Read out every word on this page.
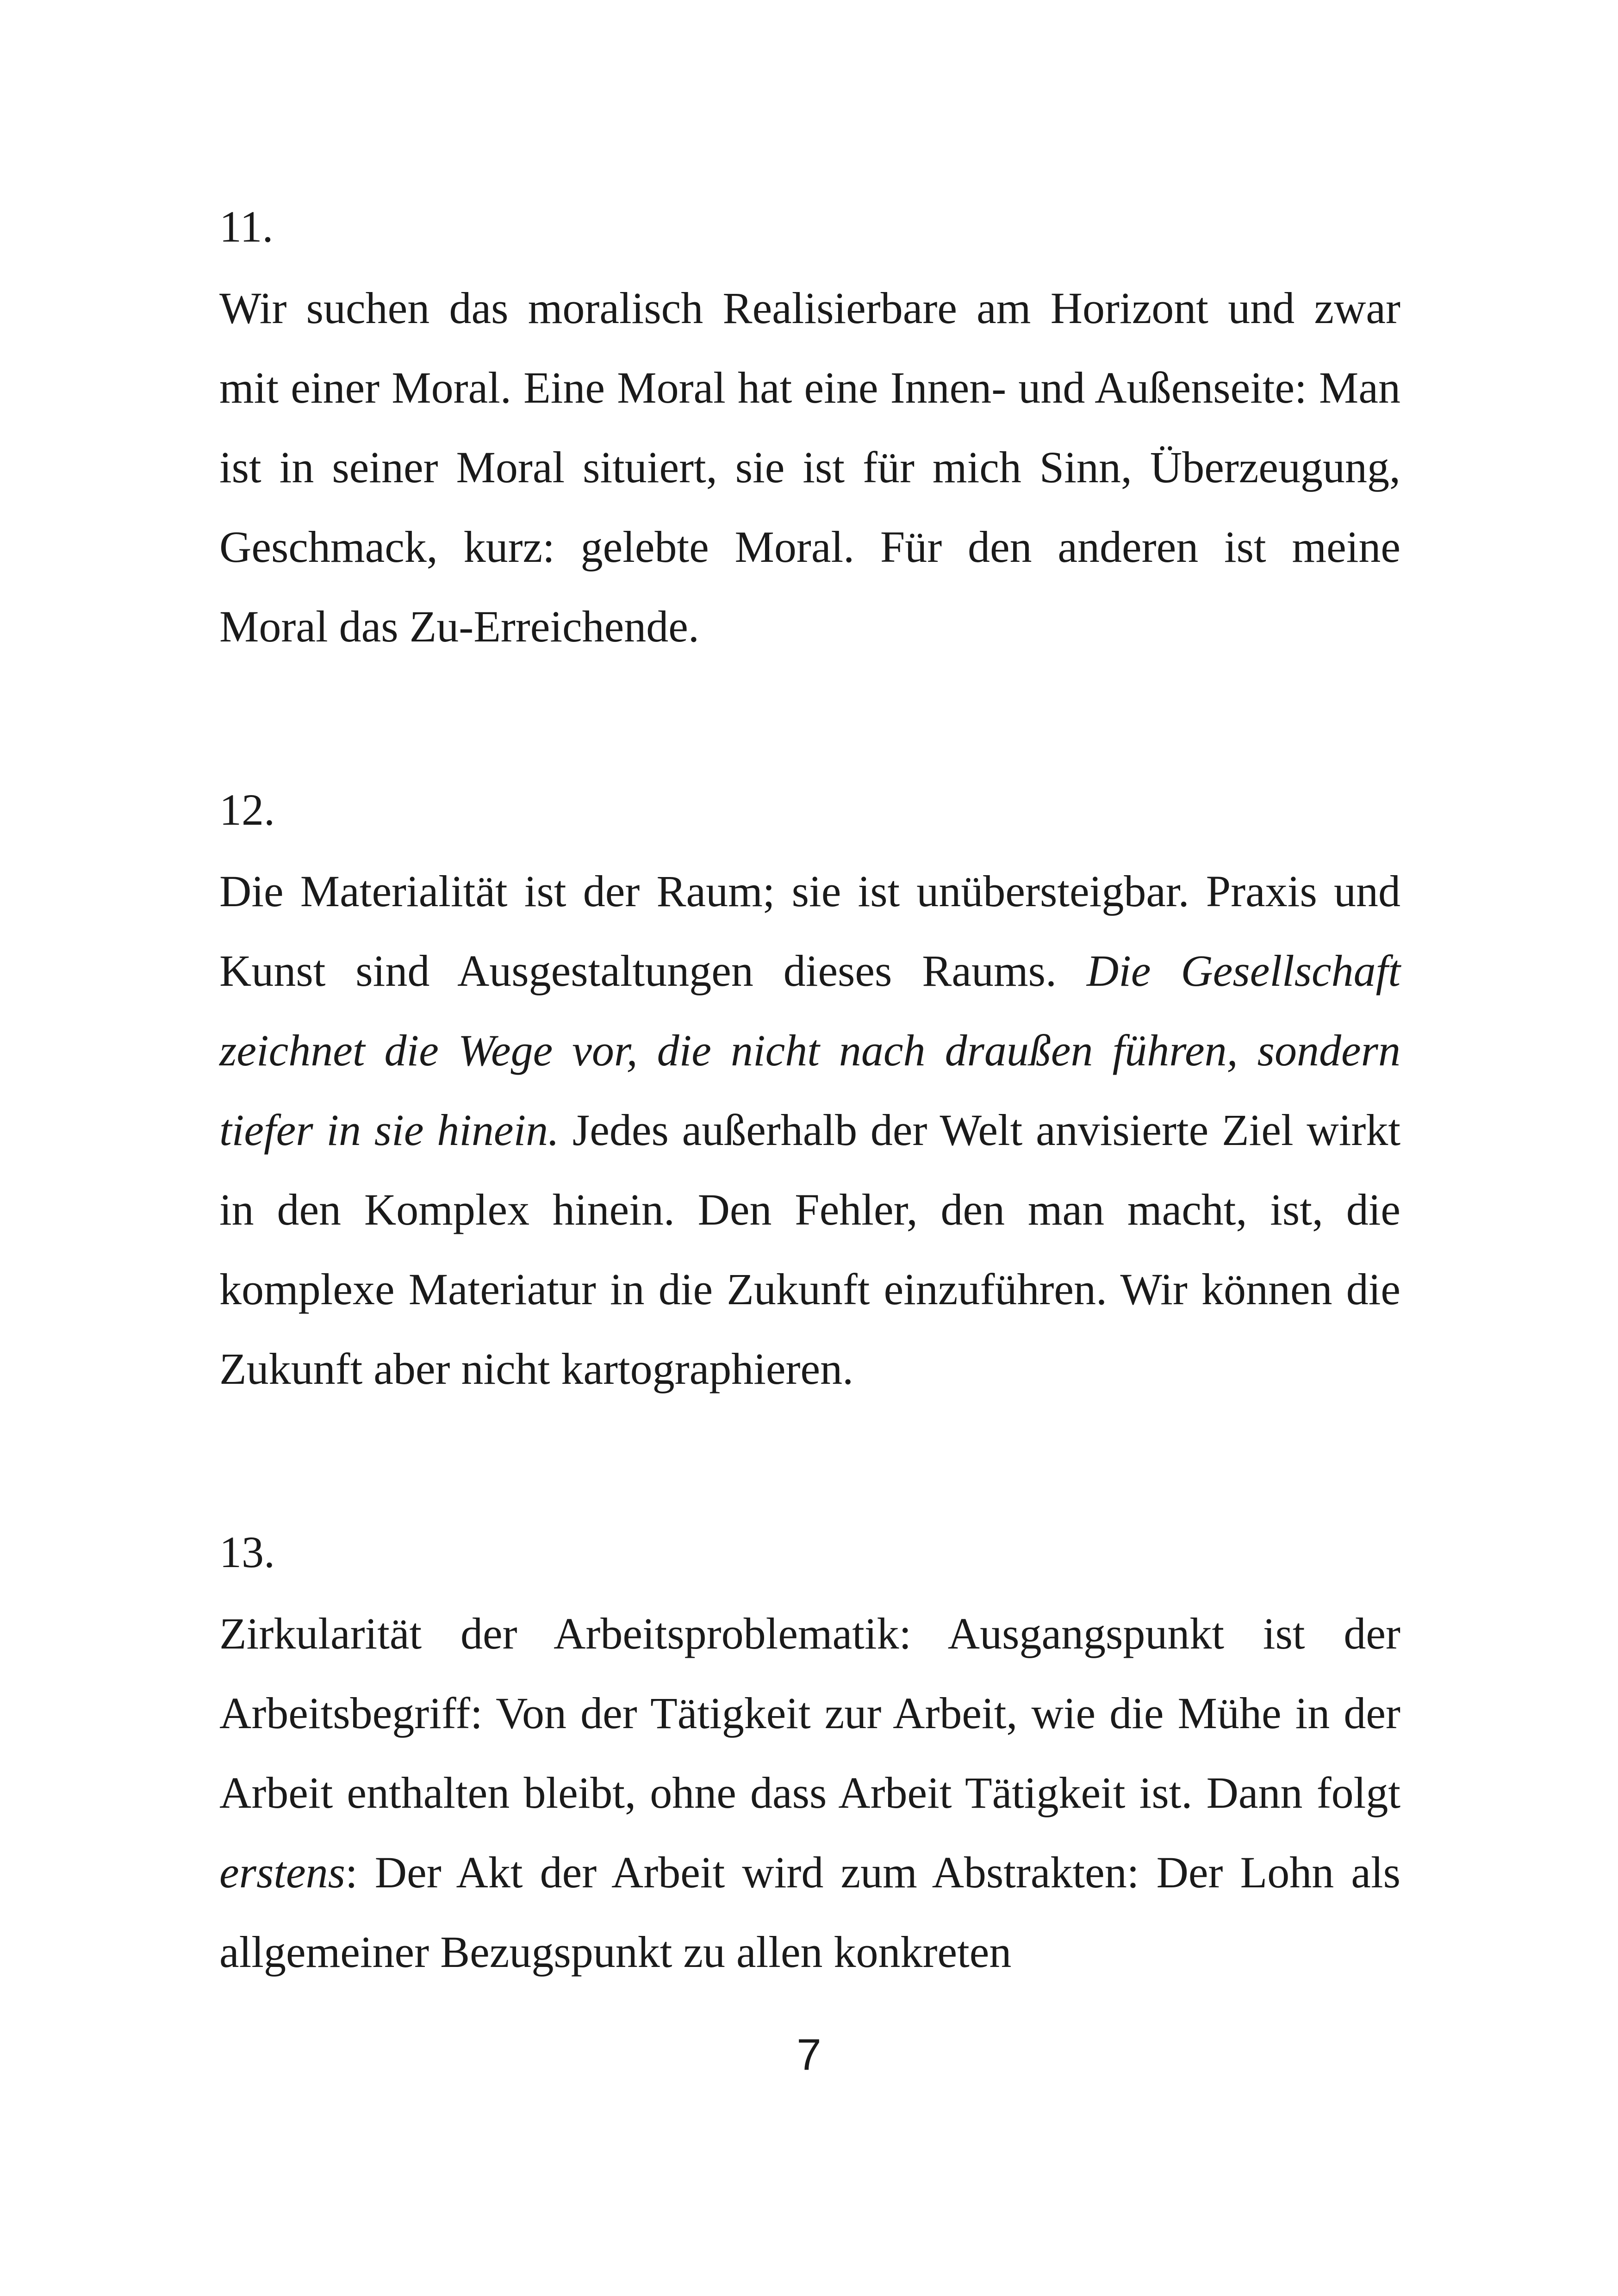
11.

Wir suchen das moralisch Realisierbare am Horizont und zwar mit einer Moral. Eine Moral hat eine Innen- und Außenseite: Man ist in seiner Moral situiert, sie ist für mich Sinn, Überzeugung, Geschmack, kurz: gelebte Moral. Für den anderen ist meine Moral das Zu-Erreichende.

12.

Die Materialität ist der Raum; sie ist unübersteigbar. Praxis und Kunst sind Ausgestaltungen dieses Raums. Die Gesellschaft zeichnet die Wege vor, die nicht nach draußen führen, sondern tiefer in sie hinein. Jedes außerhalb der Welt anvisierte Ziel wirkt in den Komplex hinein. Den Fehler, den man macht, ist, die komplexe Materiatur in die Zukunft einzuführen. Wir können die Zukunft aber nicht kartographieren.

13.

Zirkularität der Arbeitsproblematik: Ausgangspunkt ist der Arbeitsbegriff: Von der Tätigkeit zur Arbeit, wie die Mühe in der Arbeit enthalten bleibt, ohne dass Arbeit Tätigkeit ist. Dann folgt erstens: Der Akt der Arbeit wird zum Abstrakten: Der Lohn als allgemeiner Bezugspunkt zu allen konkreten

7
